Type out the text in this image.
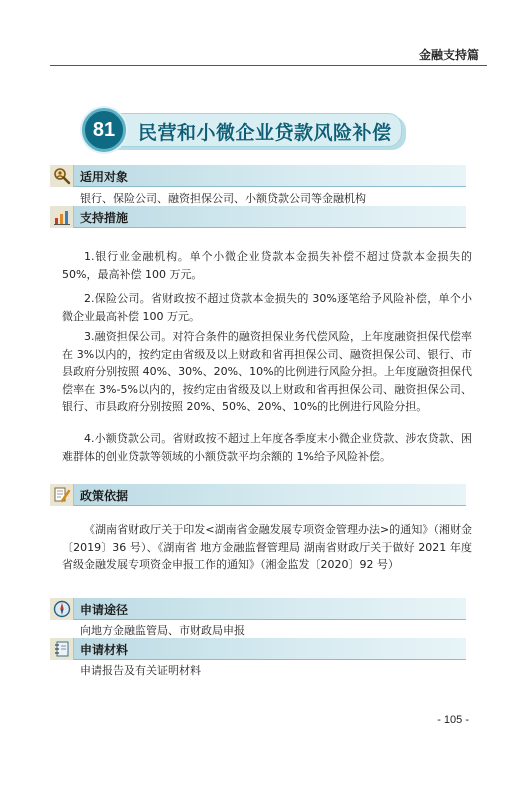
金融支持篇
81	民营和小微企业贷款风险补偿
适用对象
银行、保险公司、融资担保公司、小额贷款公司等金融机构
支持措施
1.银行业金融机构。单个小微企业贷款本金损失补偿不超过贷款本金损失的 50%，最高补偿 100 万元。
2.保险公司。省财政按不超过贷款本金损失的 30%逐笔给予风险补偿，单个小微企业最高补偿 100 万元。
3.融资担保公司。对符合条件的融资担保业务代偿风险，上年度融资担保代偿率在 3%以内的，按约定由省级及以上财政和省再担保公司、融资担保公司、银行、市县政府分别按照 40%、30%、20%、10%的比例进行风险分担。上年度融资担保代偿率在 3%-5%以内的，按约定由省级及以上财政和省再担保公司、融资担保公司、银行、市县政府分别按照 20%、50%、20%、10%的比例进行风险分担。
4.小额贷款公司。省财政按不超过上年度各季度末小微企业贷款、涉农贷款、困难群体的创业贷款等领域的小额贷款平均余额的 1%给予风险补偿。
政策依据
《湖南省财政厅关于印发<湖南省金融发展专项资金管理办法>的通知》（湘财金〔2019〕36 号）、《湖南省 地方金融监督管理局 湖南省财政厅关于做好 2021 年度省级金融发展专项资金申报工作的通知》（湘金监发〔2020〕92 号）
申请途径
向地方金融监管局、市财政局申报
申请材料
申请报告及有关证明材料
- 105 -
